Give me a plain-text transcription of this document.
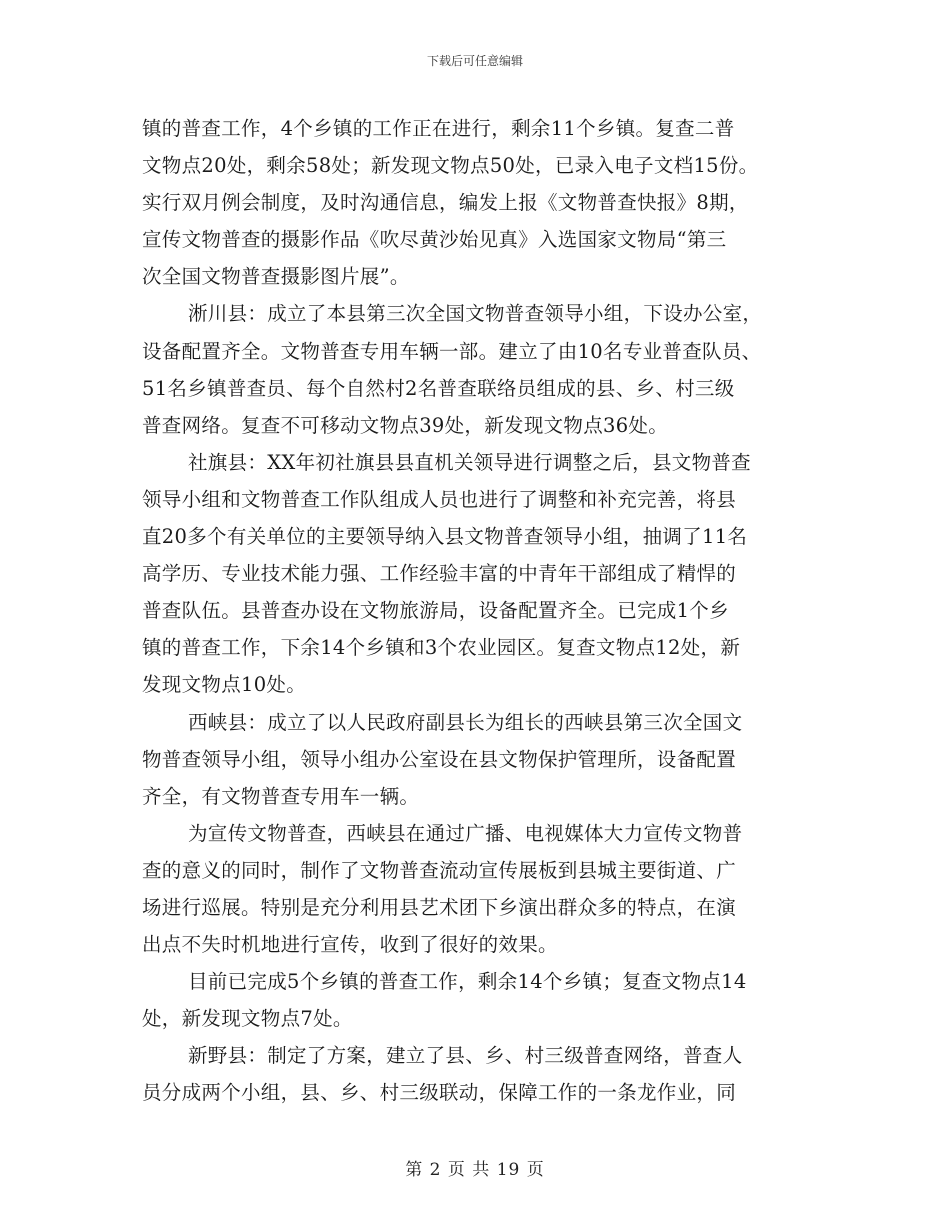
下载后可任意编辑
镇的普查工作，4个乡镇的工作正在进行，剩余11个乡镇。复查二普
文物点20处，剩余58处；新发现文物点50处，已录入电子文档15份。
实行双月例会制度，及时沟通信息，编发上报《文物普查快报》8期，
宣传文物普查的摄影作品《吹尽黄沙始见真》入选国家文物局“第三
次全国文物普查摄影图片展”。
淅川县：成立了本县第三次全国文物普查领导小组，下设办公室，
设备配置齐全。文物普查专用车辆一部。建立了由10名专业普查队员、
51名乡镇普查员、每个自然村2名普查联络员组成的县、乡、村三级
普查网络。复查不可移动文物点39处，新发现文物点36处。
社旗县：XX年初社旗县县直机关领导进行调整之后，县文物普查
领导小组和文物普查工作队组成人员也进行了调整和补充完善，将县
直20多个有关单位的主要领导纳入县文物普查领导小组，抽调了11名
高学历、专业技术能力强、工作经验丰富的中青年干部组成了精悍的
普查队伍。县普查办设在文物旅游局，设备配置齐全。已完成1个乡
镇的普查工作，下余14个乡镇和3个农业园区。复查文物点12处，新
发现文物点10处。
西峡县：成立了以人民政府副县长为组长的西峡县第三次全国文
物普查领导小组，领导小组办公室设在县文物保护管理所，设备配置
齐全，有文物普查专用车一辆。
为宣传文物普查，西峡县在通过广播、电视媒体大力宣传文物普
查的意义的同时，制作了文物普查流动宣传展板到县城主要街道、广
场进行巡展。特别是充分利用县艺术团下乡演出群众多的特点，在演
出点不失时机地进行宣传，收到了很好的效果。
目前已完成5个乡镇的普查工作，剩余14个乡镇；复查文物点14
处，新发现文物点7处。
新野县：制定了方案，建立了县、乡、村三级普查网络，普查人
员分成两个小组，县、乡、村三级联动，保障工作的一条龙作业，同
第 2 页 共 19 页
